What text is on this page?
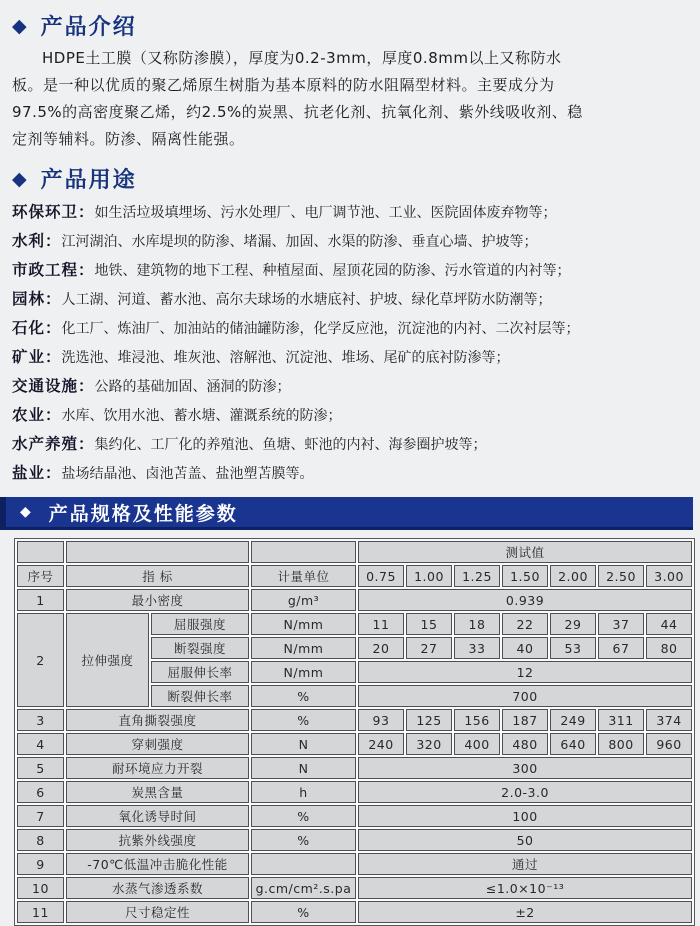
◆ 产品介绍

HDPE土工膜（又称防渗膜），厚度为0.2-3mm，厚度0.8mm以上又称防水板。是一种以优质的聚乙烯原生树脂为基本原料的防水阻隔型材料。主要成分为97.5%的高密度聚乙烯，约2.5%的炭黑、抗老化剂、抗氧化剂、紫外线吸收剂、稳定剂等辅料。防渗、隔离性能强。

◆ 产品用途
环保环卫：如生活垃圾填埋场、污水处理厂、电厂调节池、工业、医院固体废弃物等；
水利：江河湖泊、水库堤坝的防渗、堵漏、加固、水渠的防渗、垂直心墙、护坡等；
市政工程：地铁、建筑物的地下工程、种植屋面、屋顶花园的防渗、污水管道的内衬等；
园林：人工湖、河道、蓄水池、高尔夫球场的水塘底衬、护坡、绿化草坪防水防潮等；
石化：化工厂、炼油厂、加油站的储油罐防渗，化学反应池，沉淀池的内衬、二次衬层等；
矿业：洗选池、堆浸池、堆灰池、溶解池、沉淀池、堆场、尾矿的底衬防渗等；
交通设施：公路的基础加固、涵洞的防渗；
农业：水库、饮用水池、蓄水塘、灌溉系统的防渗；
水产养殖：集约化、工厂化的养殖池、鱼塘、虾池的内衬、海参圈护坡等；
盐业：盐场结晶池、卤池苫盖、盐池塑苫膜等。
◆ 产品规格及性能参数
				测试值						
序号	指 标		计量单位	0.75	1.00	1.25	1.50	2.00	2.50	3.00
1	最小密度		g/m³	0.939						
2	拉伸强度	屈服强度	N/mm	11	15	18	22	29	37	44
		断裂强度	N/mm	20	27	33	40	53	67	80
		屈服伸长率	N/mm	12						
		断裂伸长率	%	700						
3	直角撕裂强度		%	93	125	156	187	249	311	374
4	穿刺强度		N	240	320	400	480	640	800	960
5	耐环境应力开裂		N	300						
6	炭黑含量		h	2.0-3.0						
7	氧化诱导时间		%	100						
8	抗紫外线强度		%	50						
9	-70℃低温冲击脆化性能			通过						
10	水蒸气渗透系数		g.cm/cm².s.pa	≤1.0×10⁻¹³						
11	尺寸稳定性		%	±2						
